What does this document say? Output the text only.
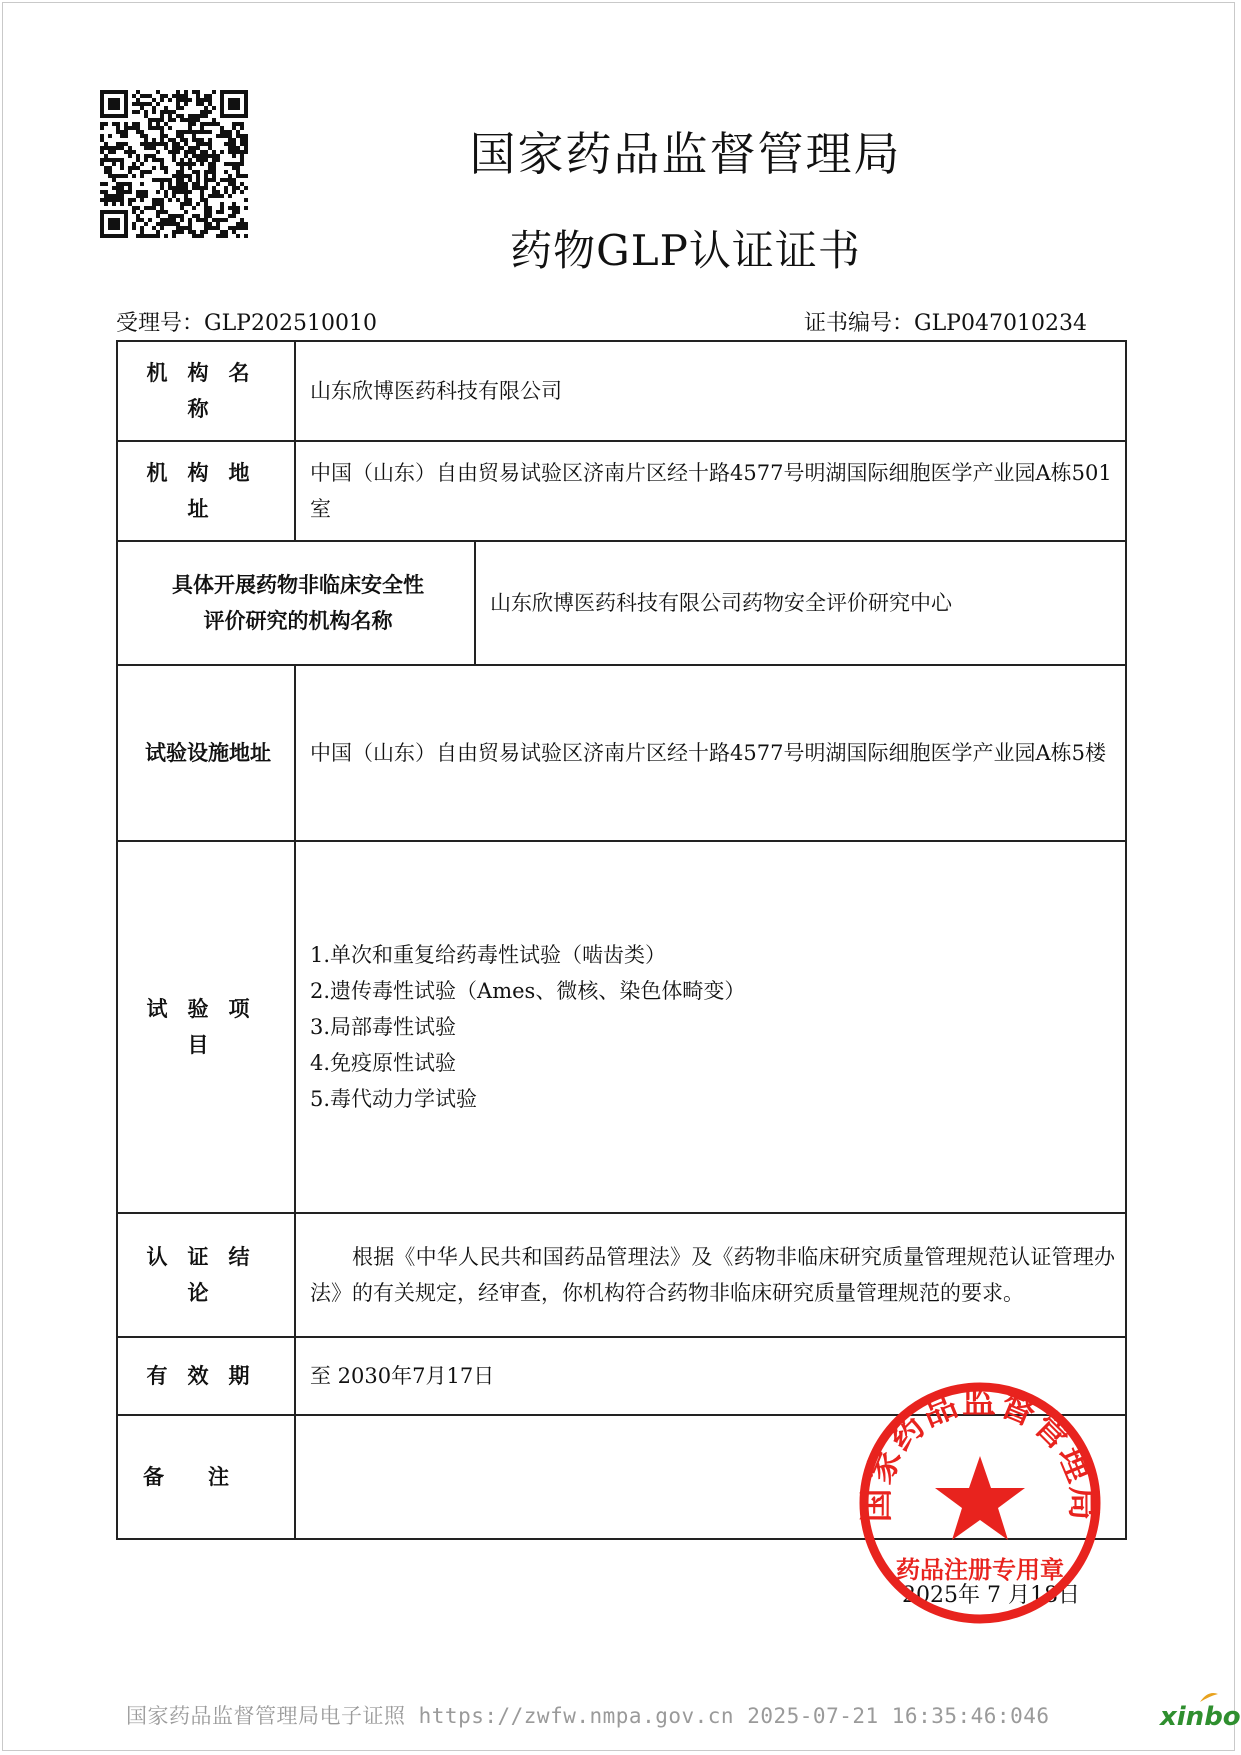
国家药品监督管理局
药物GLP认证证书
受理号：GLP202510010	证书编号：GLP047010234
机构名称	山东欣博医药科技有限公司	
机构地址	中国（山东）自由贸易试验区济南片区经十路4577号明湖国际细胞医学产业园A栋501室	

具体开展药物非临床安全性
评价研究的机构名称		山东欣博医药科技有限公司药物安全评价研究中心
试验设施地址	中国（山东）自由贸易试验区济南片区经十路4577号明湖国际细胞医学产业园A栋5楼	
试验项目	1.单次和重复给药毒性试验（啮齿类）
2.遗传毒性试验（Ames、微核、染色体畸变）
3.局部毒性试验
4.免疫原性试验
5.毒代动力学试验	

认证结论	根据《中华人民共和国药品管理法》及《药物非临床研究质量管理规范认证管理办法》的有关规定，经审查，你机构符合药物非临床研究质量管理规范的要求。	
有效期	至 2030年7月17日	
备注		
2025年 7 月18日
国家药品监督管理局
药品注册专用章
国家药品监督管理局电子证照 https://zwfw.nmpa.gov.cn 2025-07-21 16:35:46:046	xinbo
